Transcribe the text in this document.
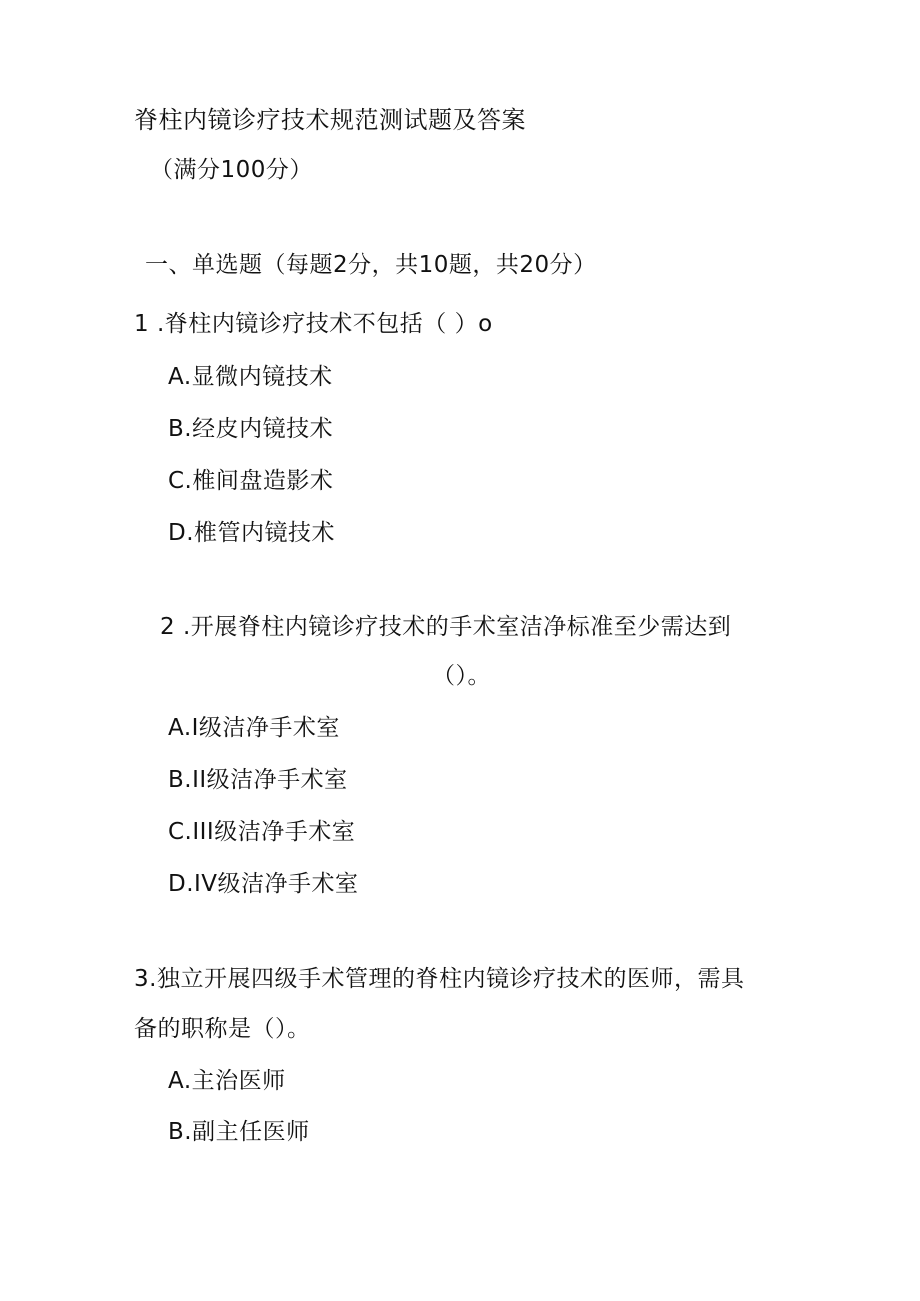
脊柱内镜诊疗技术规范测试题及答案
（满分100分）
一、单选题（每题2分，共10题，共20分）
1 .脊柱内镜诊疗技术不包括（ ）o
A.显微内镜技术
B.经皮内镜技术
C.椎间盘造影术
D.椎管内镜技术
2 .开展脊柱内镜诊疗技术的手术室洁净标准至少需达到
（）。
A.I级洁净手术室
B.II级洁净手术室
C.III级洁净手术室
D.IV级洁净手术室
3.独立开展四级手术管理的脊柱内镜诊疗技术的医师，需具
备的职称是（）。
A.主治医师
B.副主任医师
